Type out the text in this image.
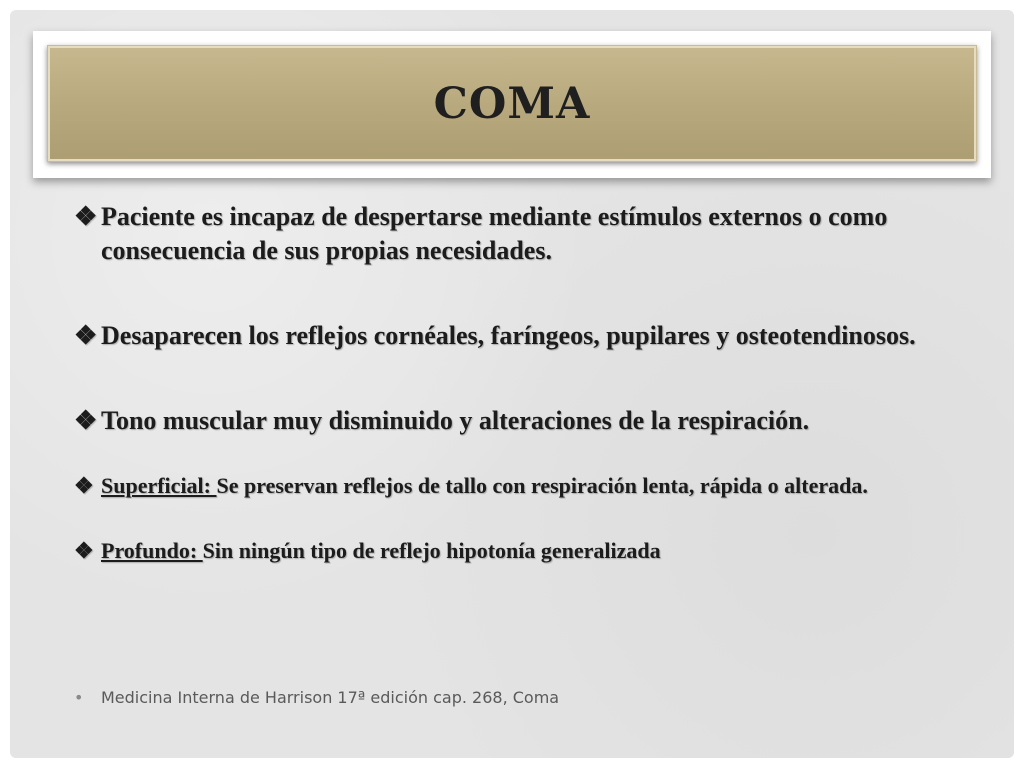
COMA

❖ Paciente es incapaz de despertarse mediante estímulos externos o como consecuencia de sus propias necesidades.

❖ Desaparecen los reflejos cornéales, faríngeos, pupilares y osteotendinosos.

❖ Tono muscular muy disminuido y alteraciones de la respiración.

❖ Superficial: Se preservan reflejos de tallo con respiración lenta, rápida o alterada.

❖ Profundo: Sin ningún tipo de reflejo hipotonía generalizada

• Medicina Interna de Harrison 17ª edición cap. 268, Coma
